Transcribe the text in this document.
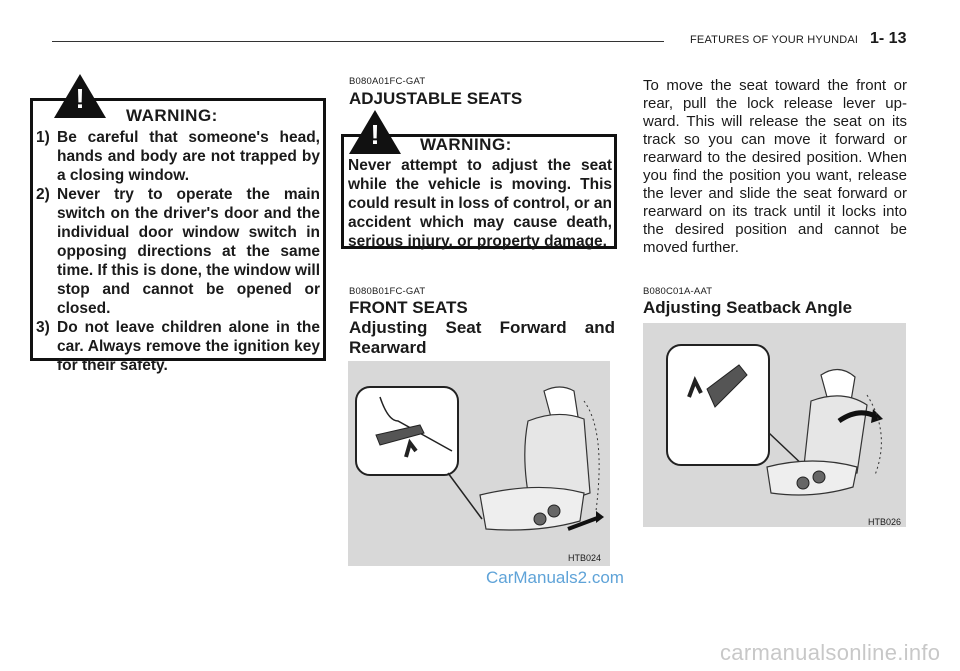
FEATURES OF YOUR HYUNDAI 1- 13
!
WARNING:
1) Be careful that someone's head, hands and body are not trapped by a closing window.
2) Never try to operate the main switch on the driver's door and the individual door window switch in opposing directions at the same time. If this is done, the window will stop and cannot be opened or closed.
3) Do not leave children alone in the car. Always remove the ignition key for their safety.
B080A01FC-GAT
ADJUSTABLE SEATS
! WARNING:
Never attempt to adjust the seat while the vehicle is moving. This could result in loss of control, or an accident which may cause death, serious injury, or property damage.
B080B01FC-GAT
FRONT SEATS
Adjusting Seat Forward and Rearward
HTB024
CarManuals2.com
To move the seat toward the front or rear, pull the lock release lever up-ward. This will release the seat on its track so you can move it forward or rearward to the desired position. When you find the position you want, release the lever and slide the seat forward or rearward on its track until it locks into the desired position and cannot be moved further.
B080C01A-AAT
Adjusting Seatback Angle
HTB026
carmanualsonline.info
